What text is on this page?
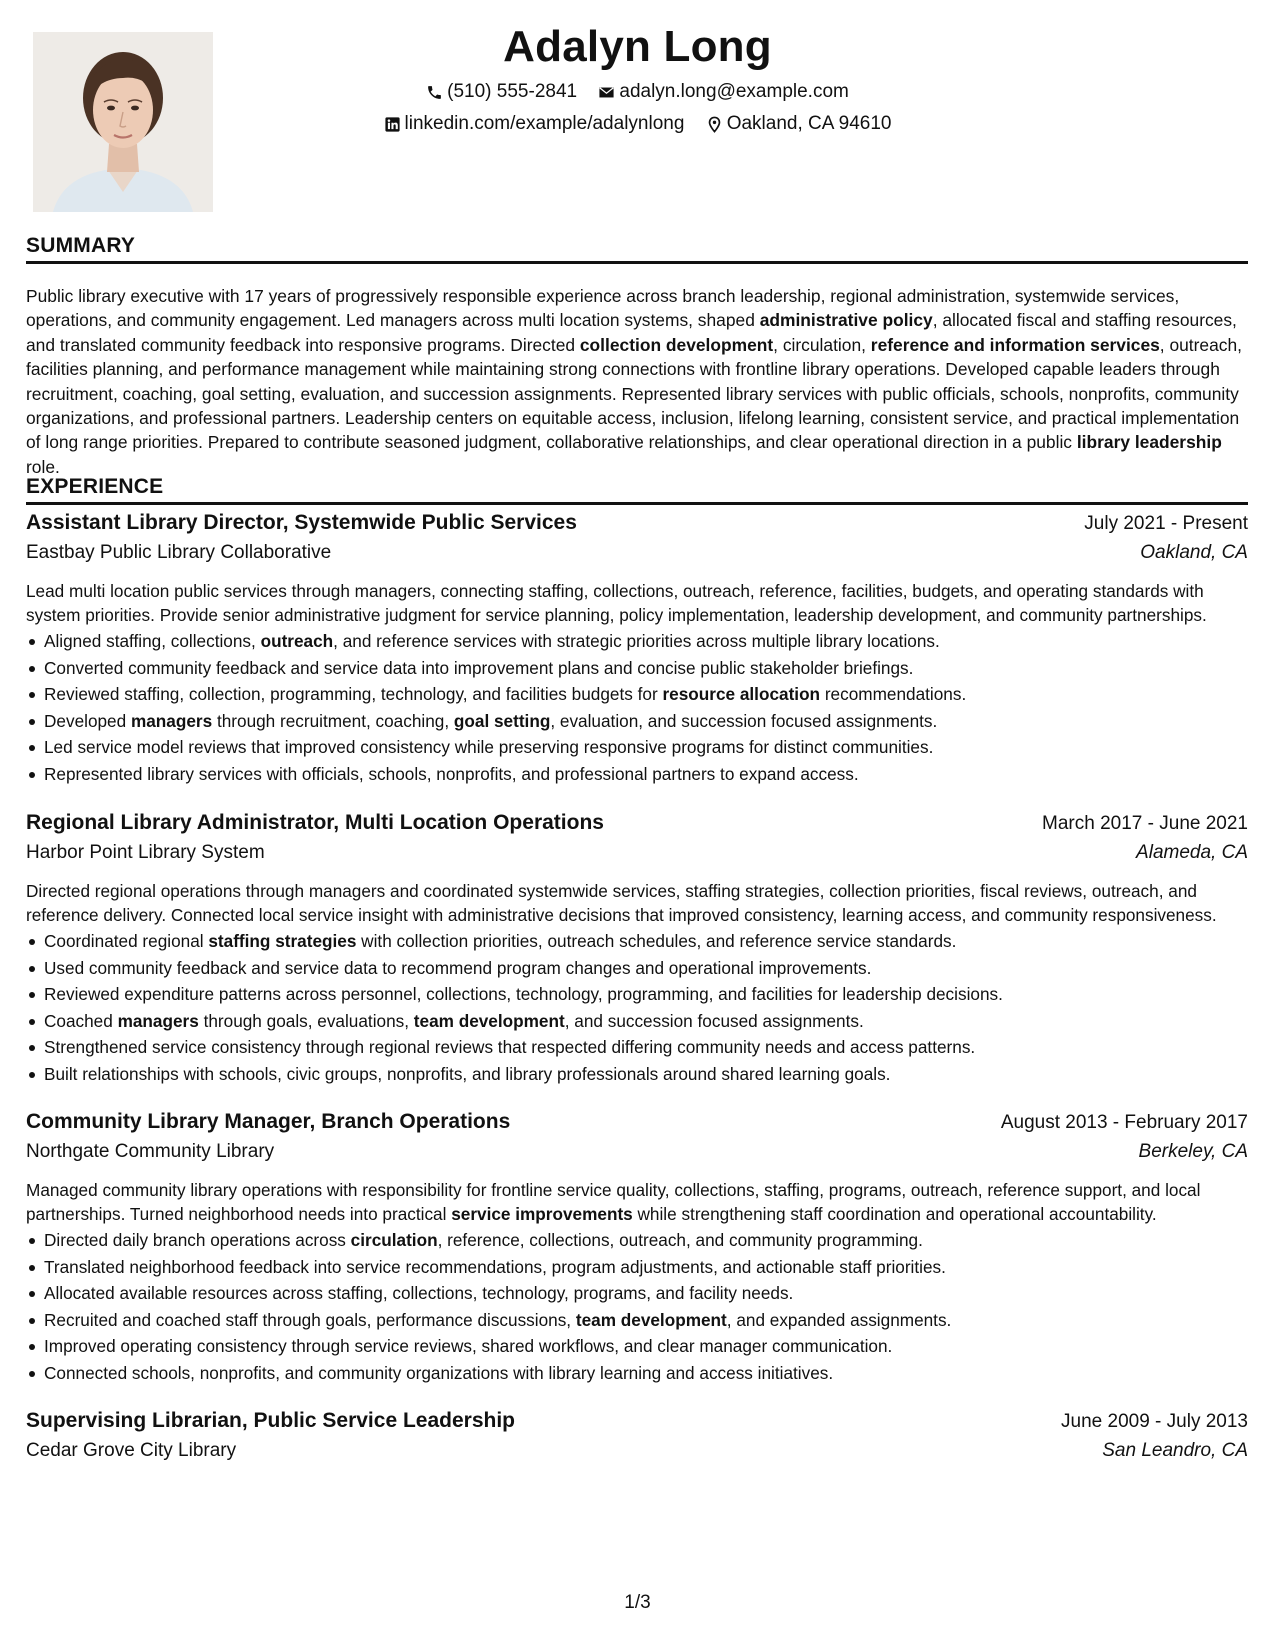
Adalyn Long
(510) 555-2841
adalyn.long@example.com
linkedin.com/example/adalynlong
Oakland, CA 94610
SUMMARY
Public library executive with 17 years of progressively responsible experience across branch leadership, regional administration, systemwide services, operations, and community engagement. Led managers across multi location systems, shaped administrative policy, allocated fiscal and staffing resources, and translated community feedback into responsive programs. Directed collection development, circulation, reference and information services, outreach, facilities planning, and performance management while maintaining strong connections with frontline library operations. Developed capable leaders through recruitment, coaching, goal setting, evaluation, and succession assignments. Represented library services with public officials, schools, nonprofits, community organizations, and professional partners. Leadership centers on equitable access, inclusion, lifelong learning, consistent service, and practical implementation of long range priorities. Prepared to contribute seasoned judgment, collaborative relationships, and clear operational direction in a public library leadership role.
EXPERIENCE
Assistant Library Director, Systemwide Public Services	July 2021 - Present
Eastbay Public Library Collaborative	Oakland, CA
Lead multi location public services through managers, connecting staffing, collections, outreach, reference, facilities, budgets, and operating standards with system priorities. Provide senior administrative judgment for service planning, policy implementation, leadership development, and community partnerships.
Aligned staffing, collections, outreach, and reference services with strategic priorities across multiple library locations.
Converted community feedback and service data into improvement plans and concise public stakeholder briefings.
Reviewed staffing, collection, programming, technology, and facilities budgets for resource allocation recommendations.
Developed managers through recruitment, coaching, goal setting, evaluation, and succession focused assignments.
Led service model reviews that improved consistency while preserving responsive programs for distinct communities.
Represented library services with officials, schools, nonprofits, and professional partners to expand access.
Regional Library Administrator, Multi Location Operations	March 2017 - June 2021
Harbor Point Library System	Alameda, CA
Directed regional operations through managers and coordinated systemwide services, staffing strategies, collection priorities, fiscal reviews, outreach, and reference delivery. Connected local service insight with administrative decisions that improved consistency, learning access, and community responsiveness.
Coordinated regional staffing strategies with collection priorities, outreach schedules, and reference service standards.
Used community feedback and service data to recommend program changes and operational improvements.
Reviewed expenditure patterns across personnel, collections, technology, programming, and facilities for leadership decisions.
Coached managers through goals, evaluations, team development, and succession focused assignments.
Strengthened service consistency through regional reviews that respected differing community needs and access patterns.
Built relationships with schools, civic groups, nonprofits, and library professionals around shared learning goals.
Community Library Manager, Branch Operations	August 2013 - February 2017
Northgate Community Library	Berkeley, CA
Managed community library operations with responsibility for frontline service quality, collections, staffing, programs, outreach, reference support, and local partnerships. Turned neighborhood needs into practical service improvements while strengthening staff coordination and operational accountability.
Directed daily branch operations across circulation, reference, collections, outreach, and community programming.
Translated neighborhood feedback into service recommendations, program adjustments, and actionable staff priorities.
Allocated available resources across staffing, collections, technology, programs, and facility needs.
Recruited and coached staff through goals, performance discussions, team development, and expanded assignments.
Improved operating consistency through service reviews, shared workflows, and clear manager communication.
Connected schools, nonprofits, and community organizations with library learning and access initiatives.
Supervising Librarian, Public Service Leadership	June 2009 - July 2013
Cedar Grove City Library	San Leandro, CA
1/3
